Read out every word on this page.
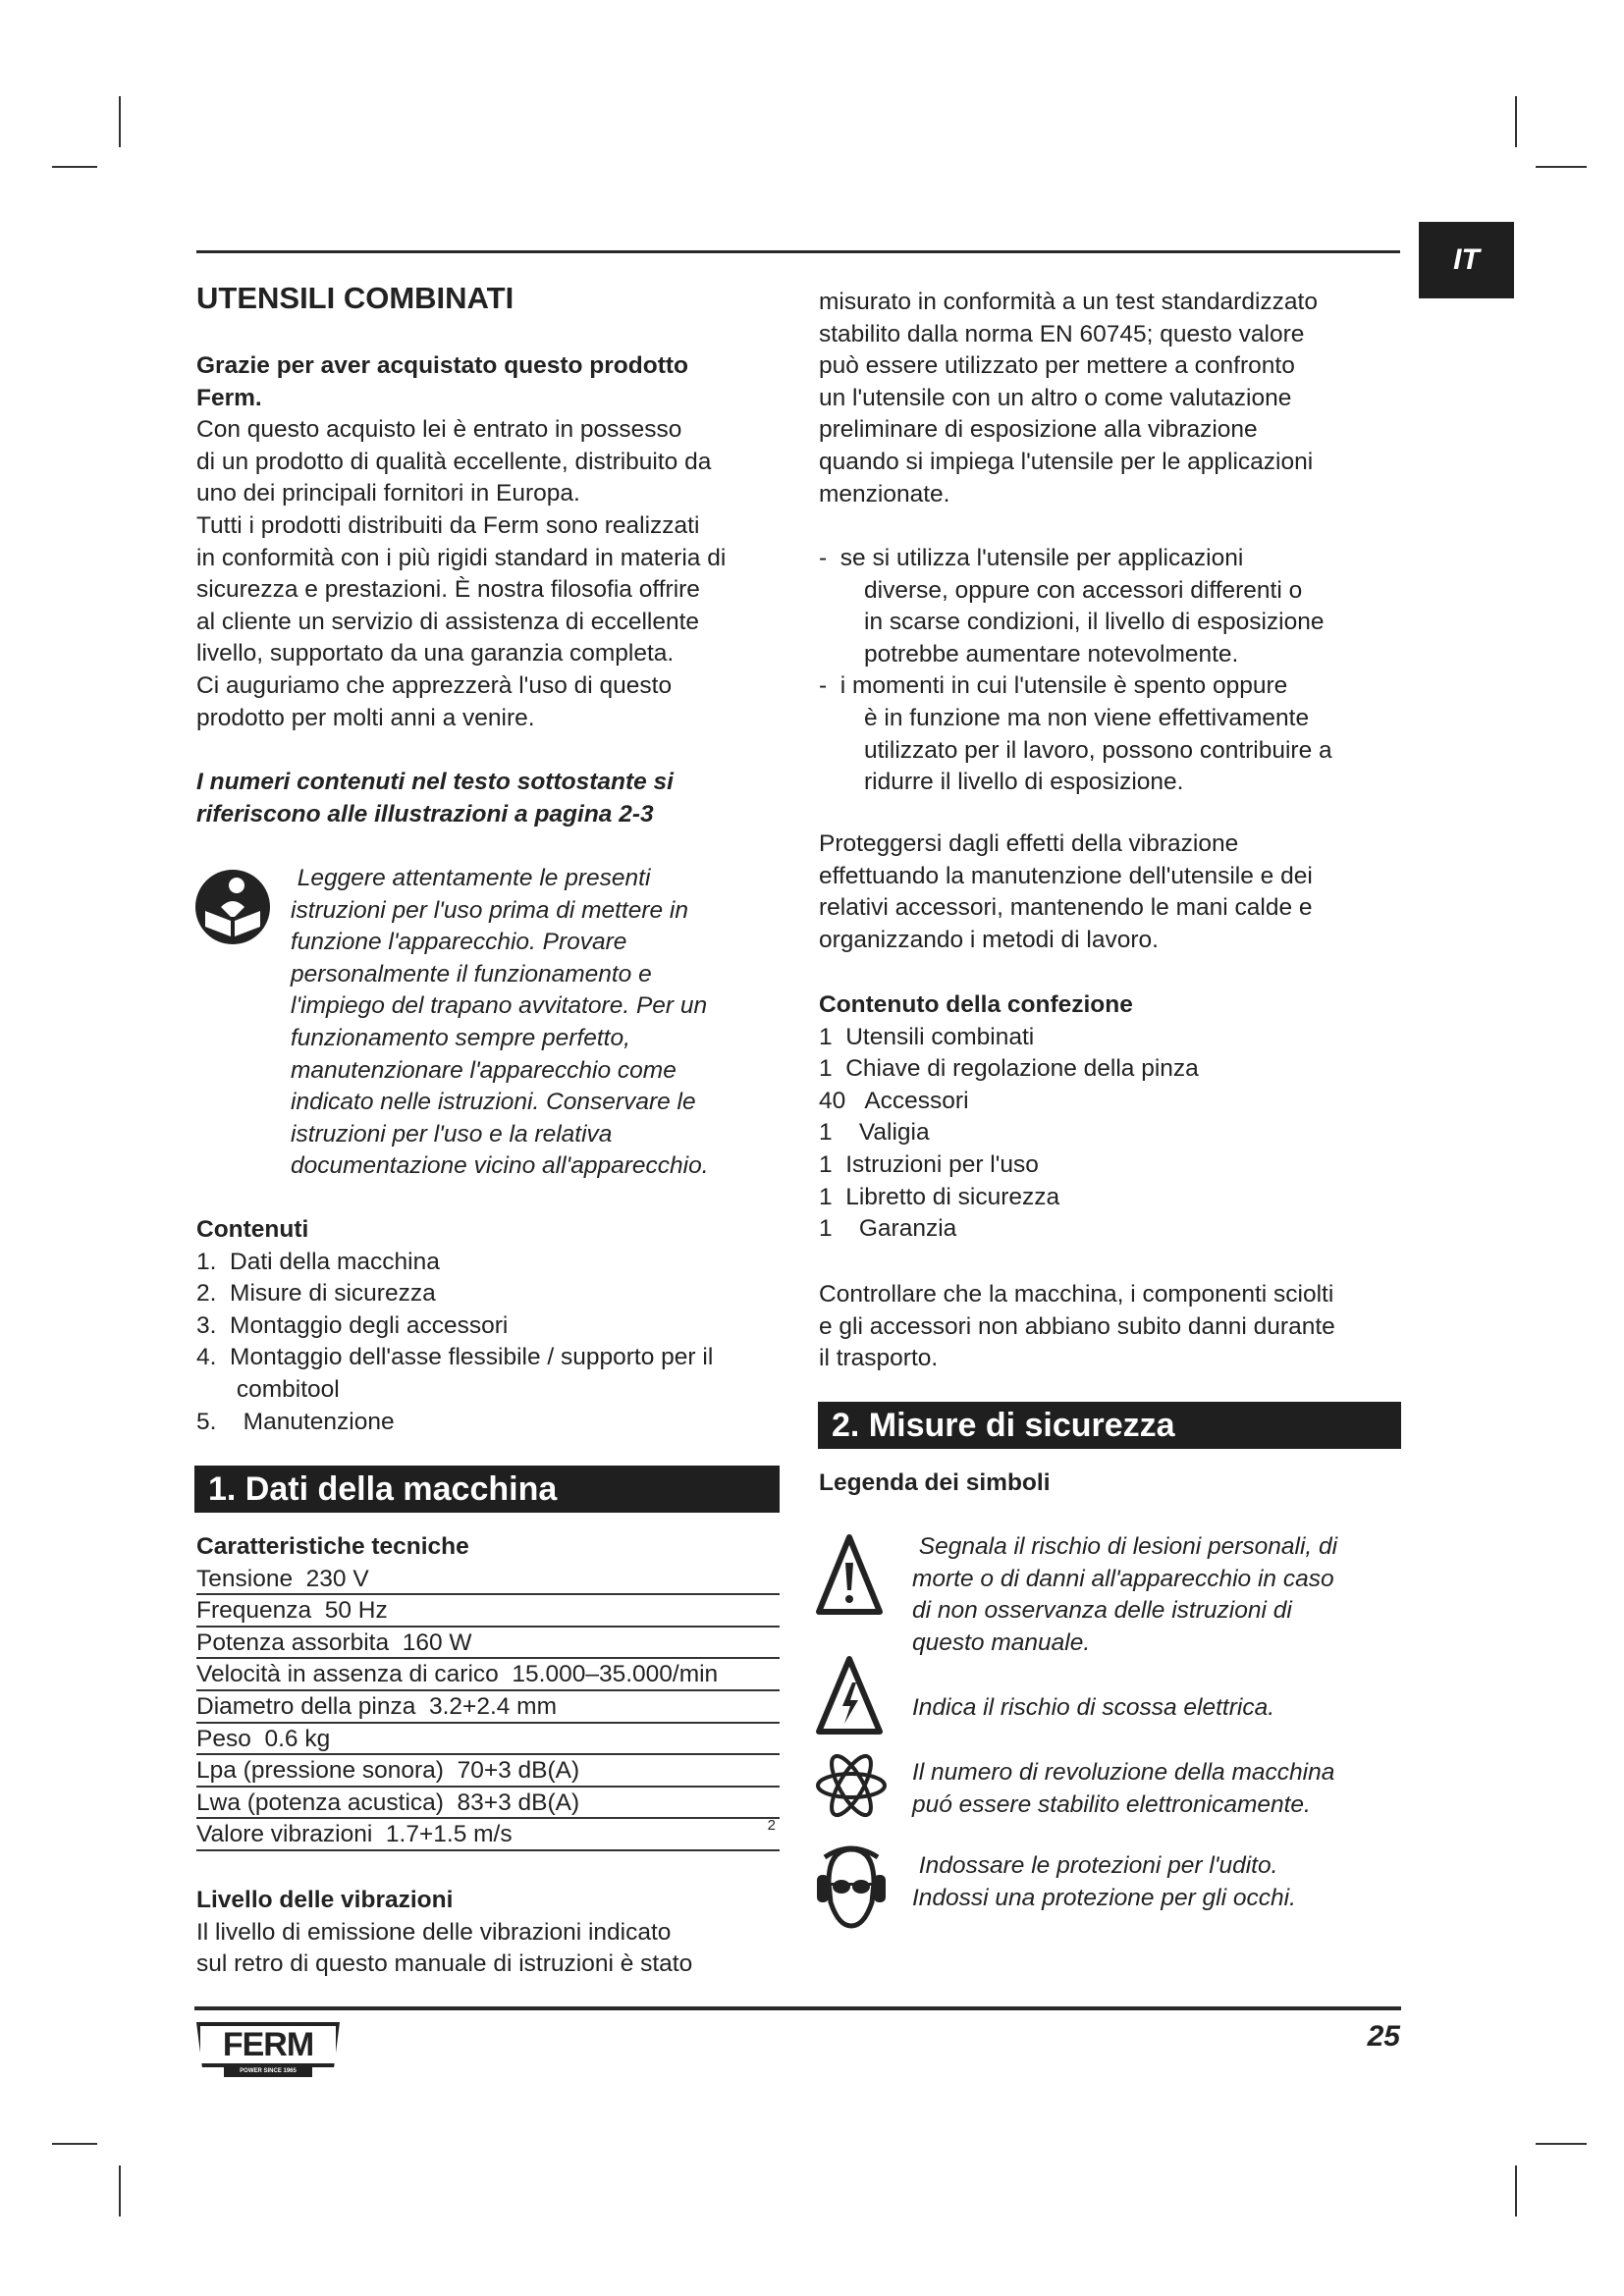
IT
UTENSILI COMBINATI
Grazie per aver acquistato questo prodotto
Ferm.
Con questo acquisto lei è entrato in possesso
di un prodotto di qualità eccellente, distribuito da
uno dei principali fornitori in Europa.
Tutti i prodotti distribuiti da Ferm sono realizzati
in conformità con i più rigidi standard in materia di
sicurezza e prestazioni. È nostra filosofia offrire
al cliente un servizio di assistenza di eccellente
livello, supportato da una garanzia completa.
Ci auguriamo che apprezzerà l'uso di questo
prodotto per molti anni a venire.
I numeri contenuti nel testo sottostante si
riferiscono alle illustrazioni a pagina 2-3
Leggere attentamente le presenti
istruzioni per l'uso prima di mettere in
funzione l'apparecchio. Provare
personalmente il funzionamento e
l'impiego del trapano avvitatore. Per un
funzionamento sempre perfetto,
manutenzionare l'apparecchio come
indicato nelle istruzioni. Conservare le
istruzioni per l'uso e la relativa
documentazione vicino all'apparecchio.
Contenuti
1.  Dati della macchina
2.  Misure di sicurezza
3.  Montaggio degli accessori
4.  Montaggio dell'asse flessibile / supporto per il
combitool
5.    Manutenzione
1. Dati della macchina
Caratteristiche tecniche
Tensione  230 V
Frequenza  50 Hz
Potenza assorbita  160 W
Velocità in assenza di carico  15.000–35.000/min
Diametro della pinza  3.2+2.4 mm
Peso  0.6 kg
Lpa (pressione sonora)  70+3 dB(A)
Lwa (potenza acustica)  83+3 dB(A)
Valore vibrazioni  1.7+1.5 m/s	2
Livello delle vibrazioni
Il livello di emissione delle vibrazioni indicato
sul retro di questo manuale di istruzioni è stato
misurato in conformità a un test standardizzato
stabilito dalla norma EN 60745; questo valore
può essere utilizzato per mettere a confronto
un l'utensile con un altro o come valutazione
preliminare di esposizione alla vibrazione
quando si impiega l'utensile per le applicazioni
menzionate.
-  se si utilizza l'utensile per applicazioni
diverse, oppure con accessori differenti o
in scarse condizioni, il livello di esposizione
potrebbe aumentare notevolmente.
-  i momenti in cui l'utensile è spento oppure
è in funzione ma non viene effettivamente
utilizzato per il lavoro, possono contribuire a
ridurre il livello di esposizione.
Proteggersi dagli effetti della vibrazione
effettuando la manutenzione dell'utensile e dei
relativi accessori, mantenendo le mani calde e
organizzando i metodi di lavoro.
Contenuto della confezione
1  Utensili combinati
1  Chiave di regolazione della pinza
40   Accessori
1    Valigia
1  Istruzioni per l'uso
1  Libretto di sicurezza
1    Garanzia
Controllare che la macchina, i componenti sciolti
e gli accessori non abbiano subito danni durante
il trasporto.
2. Misure di sicurezza
Legenda dei simboli
Segnala il rischio di lesioni personali, di
morte o di danni all'apparecchio in caso
di non osservanza delle istruzioni di
questo manuale.
Indica il rischio di scossa elettrica.
Il numero di revoluzione della macchina
puó essere stabilito elettronicamente.
Indossare le protezioni per l'udito.
Indossi una protezione per gli occhi.
FERM
POWER SINCE 1965
25
